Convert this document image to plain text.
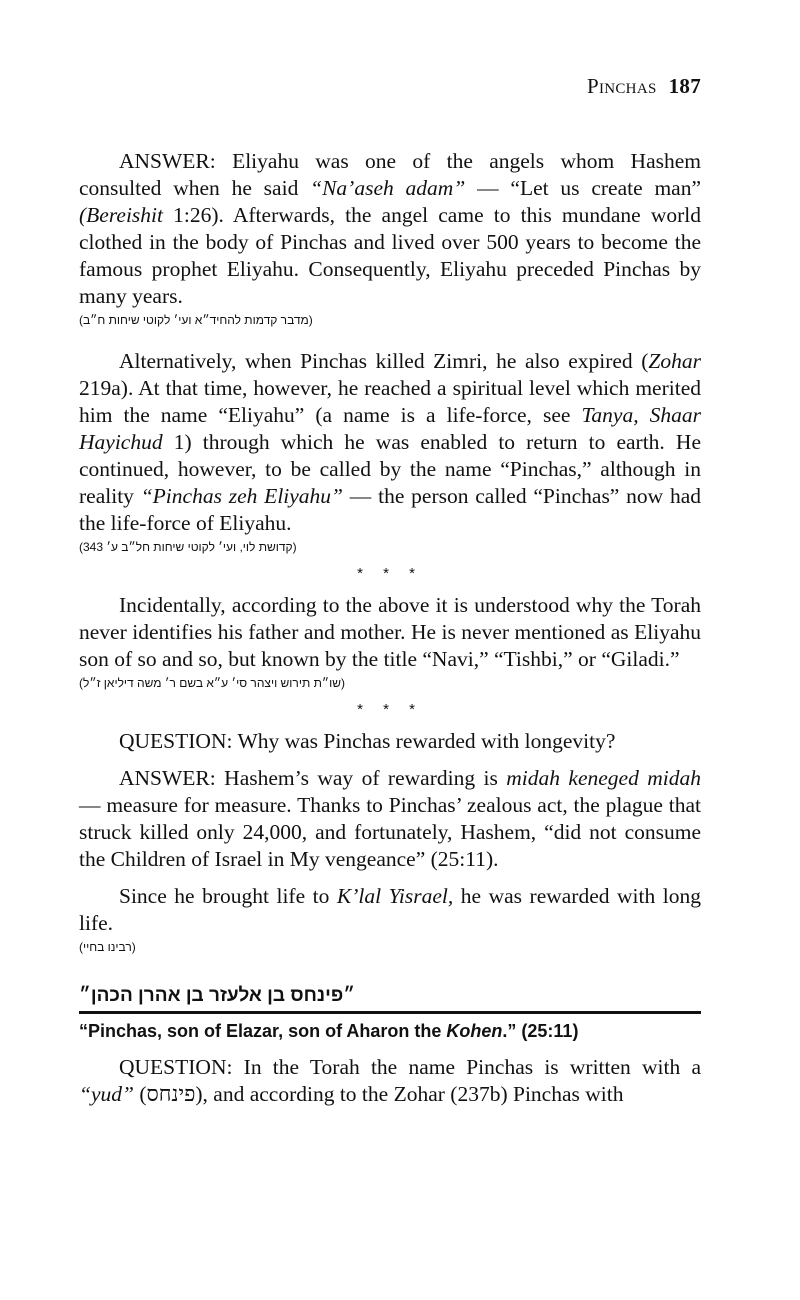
Pinchas 187

ANSWER: Eliyahu was one of the angels whom Hashem consulted when he said “Na’aseh adam” — “Let us create man” (Bereishit 1:26). Afterwards, the angel came to this mundane world clothed in the body of Pinchas and lived over 500 years to become the famous prophet Eliyahu. Consequently, Eliyahu preceded Pinchas by many years.

(מדבר קדמות להחיד״א ועי׳ לקוטי שיחות ח״ב)

Alternatively, when Pinchas killed Zimri, he also expired (Zohar 219a). At that time, however, he reached a spiritual level which merited him the name “Eliyahu” (a name is a life-force, see Tanya, Shaar Hayichud 1) through which he was enabled to return to earth. He continued, however, to be called by the name “Pinchas,” although in reality “Pinchas zeh Eliyahu” — the person called “Pinchas” now had the life-force of Eliyahu.

(קדושת לוי, ועי׳ לקוטי שיחות חל״ב ע׳ 343)
* * *

Incidentally, according to the above it is understood why the Torah never identifies his father and mother. He is never mentioned as Eliyahu son of so and so, but known by the title “Navi,” “Tishbi,” or “Giladi.”

(שו״ת תירוש ויצהר סי׳ ע״א בשם ר׳ משה דיליאן ז״ל)
* * *

QUESTION: Why was Pinchas rewarded with longevity?

ANSWER: Hashem’s way of rewarding is midah keneged midah — measure for measure. Thanks to Pinchas’ zealous act, the plague that struck killed only 24,000, and fortunately, Hashem, “did not consume the Children of Israel in My vengeance” (25:11).

Since he brought life to K’lal Yisrael, he was rewarded with long life.

(רבינו בחיי)
״פינחס בן אלעזר בן אהרן הכהן״
“Pinchas, son of Elazar, son of Aharon the Kohen.” (25:11)

QUESTION: In the Torah the name Pinchas is written with a “yud” (פינחס), and according to the Zohar (237b) Pinchas with
